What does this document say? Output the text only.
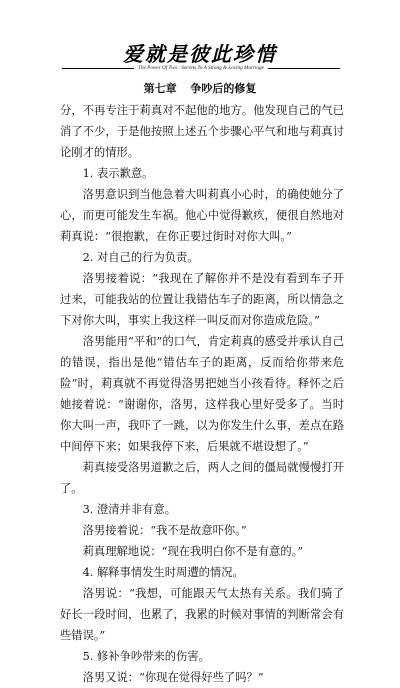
爱就是彼此珍惜
The Power Of Two : Secrets To A Strong & Loving Marriage
第七章 争吵后的修复

分，不再专注于莉真对不起他的地方。他发现自己的气已消了不少，于是他按照上述五个步骤心平气和地与莉真讨论刚才的情形。

1. 表示歉意。

洛男意识到当他急着大叫莉真小心时，的确使她分了心，而更可能发生车祸。他心中觉得歉疚，便很自然地对莉真说：“很抱歉，在你正要过街时对你大叫。”

2. 对自己的行为负责。

洛男接着说：“我现在了解你并不是没有看到车子开过来，可能我站的位置让我错估车子的距离，所以情急之下对你大叫，事实上我这样一叫反而对你造成危险。”

洛男能用“平和”的口气，肯定莉真的感受并承认自己的错误，指出是他“错估车子的距离，反而给你带来危险”时，莉真就不再觉得洛男把她当小孩看待。释怀之后她接着说：“谢谢你，洛男，这样我心里好受多了。当时你大叫一声，我吓了一跳，以为你发生什么事，差点在路中间停下来；如果我停下来，后果就不堪设想了。”

莉真接受洛男道歉之后，两人之间的僵局就慢慢打开了。

3. 澄清并非有意。

洛男接着说：“我不是故意吓你。”

莉真理解地说：“现在我明白你不是有意的。”

4. 解释事情发生时周遭的情况。

洛男说：“我想，可能跟天气太热有关系。我们骑了好长一段时间，也累了，我累的时候对事情的判断常会有些错误。”

5. 修补争吵带来的伤害。

洛男又说：“你现在觉得好些了吗？”
